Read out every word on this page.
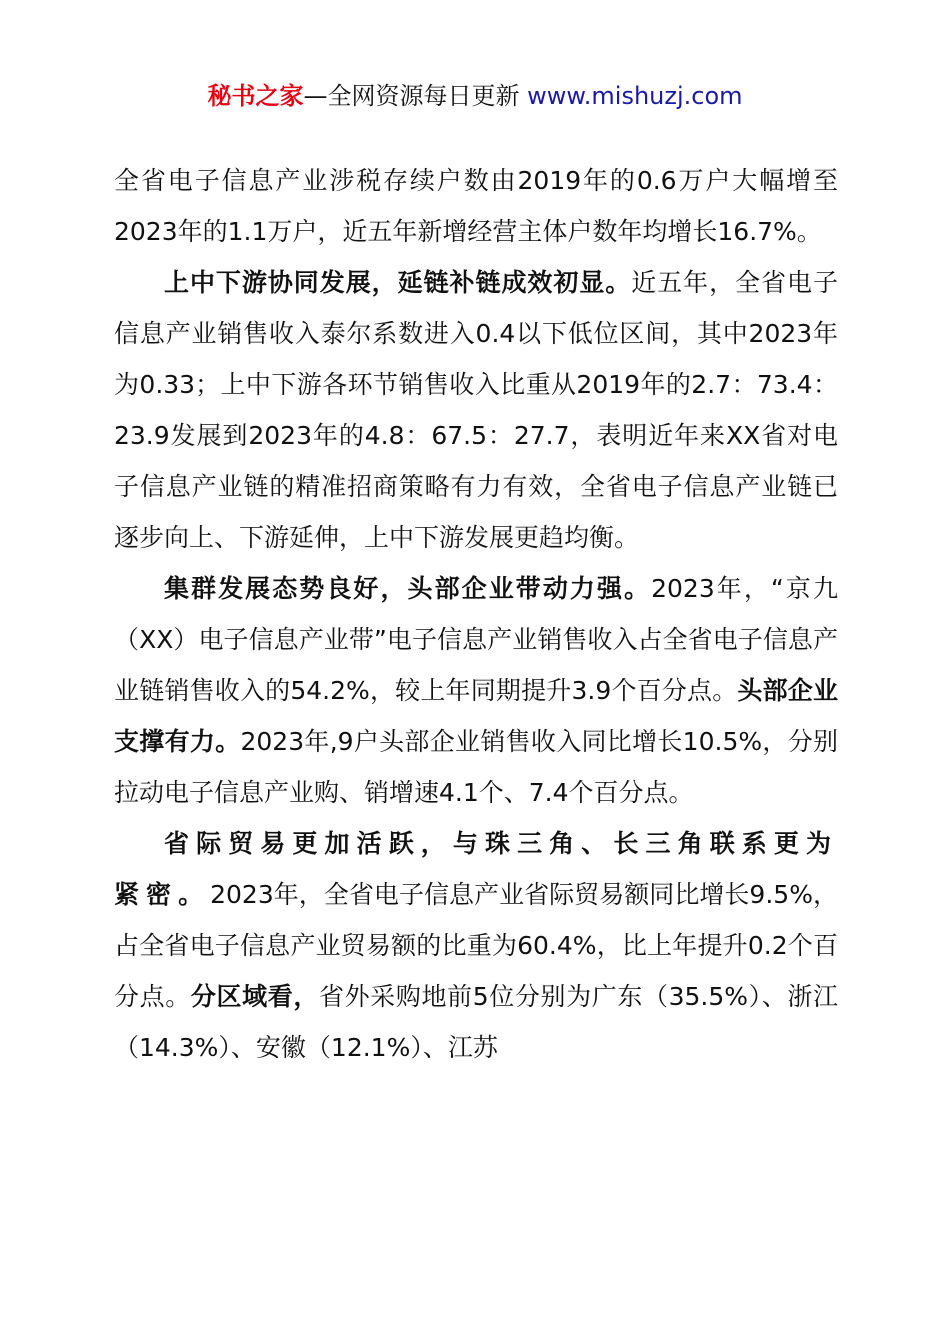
秘书之家—全网资源每日更新 www.mishuzj.com

全省电子信息产业涉税存续户数由2019年的0.6万户大幅增至2023年的1.1万户，近五年新增经营主体户数年均增长16.7%。

上中下游协同发展，延链补链成效初显。近五年，全省电子信息产业销售收入泰尔系数进入0.4以下低位区间，其中2023年为0.33；上中下游各环节销售收入比重从2019年的2.7：73.4：23.9发展到2023年的4.8：67.5：27.7，表明近年来XX省对电子信息产业链的精准招商策略有力有效，全省电子信息产业链已逐步向上、下游延伸，上中下游发展更趋均衡。

集群发展态势良好，头部企业带动力强。2023年，“京九（XX）电子信息产业带”电子信息产业销售收入占全省电子信息产业链销售收入的54.2%，较上年同期提升3.9个百分点。头部企业支撑有力。2023年,9户头部企业销售收入同比增长10.5%，分别拉动电子信息产业购、销增速4.1个、7.4个百分点。

省际贸易更加活跃，与珠三角、长三角联系更为紧密。2023年，全省电子信息产业省际贸易额同比增长9.5%，占全省电子信息产业贸易额的比重为60.4%，比上年提升0.2个百分点。分区域看，省外采购地前5位分别为广东（35.5%）、浙江（14.3%）、安徽（12.1%）、江苏
